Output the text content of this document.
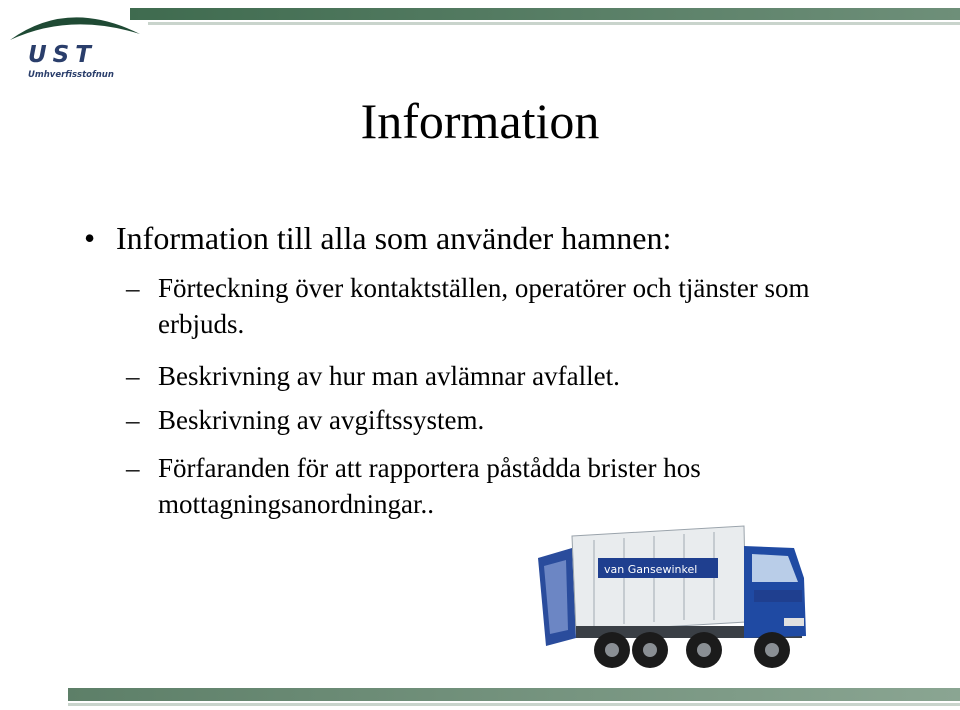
UST
Umhverfisstofnun
Information
• Information till alla som använder hamnen:
– Förteckning över kontaktställen, operatörer och tjänster som erbjuds.
– Beskrivning av hur man avlämnar avfallet.
– Beskrivning av avgiftssystem.
– Förfaranden för att rapportera påstådda brister hos mottagningsanordningar..
van Gansewinkel
